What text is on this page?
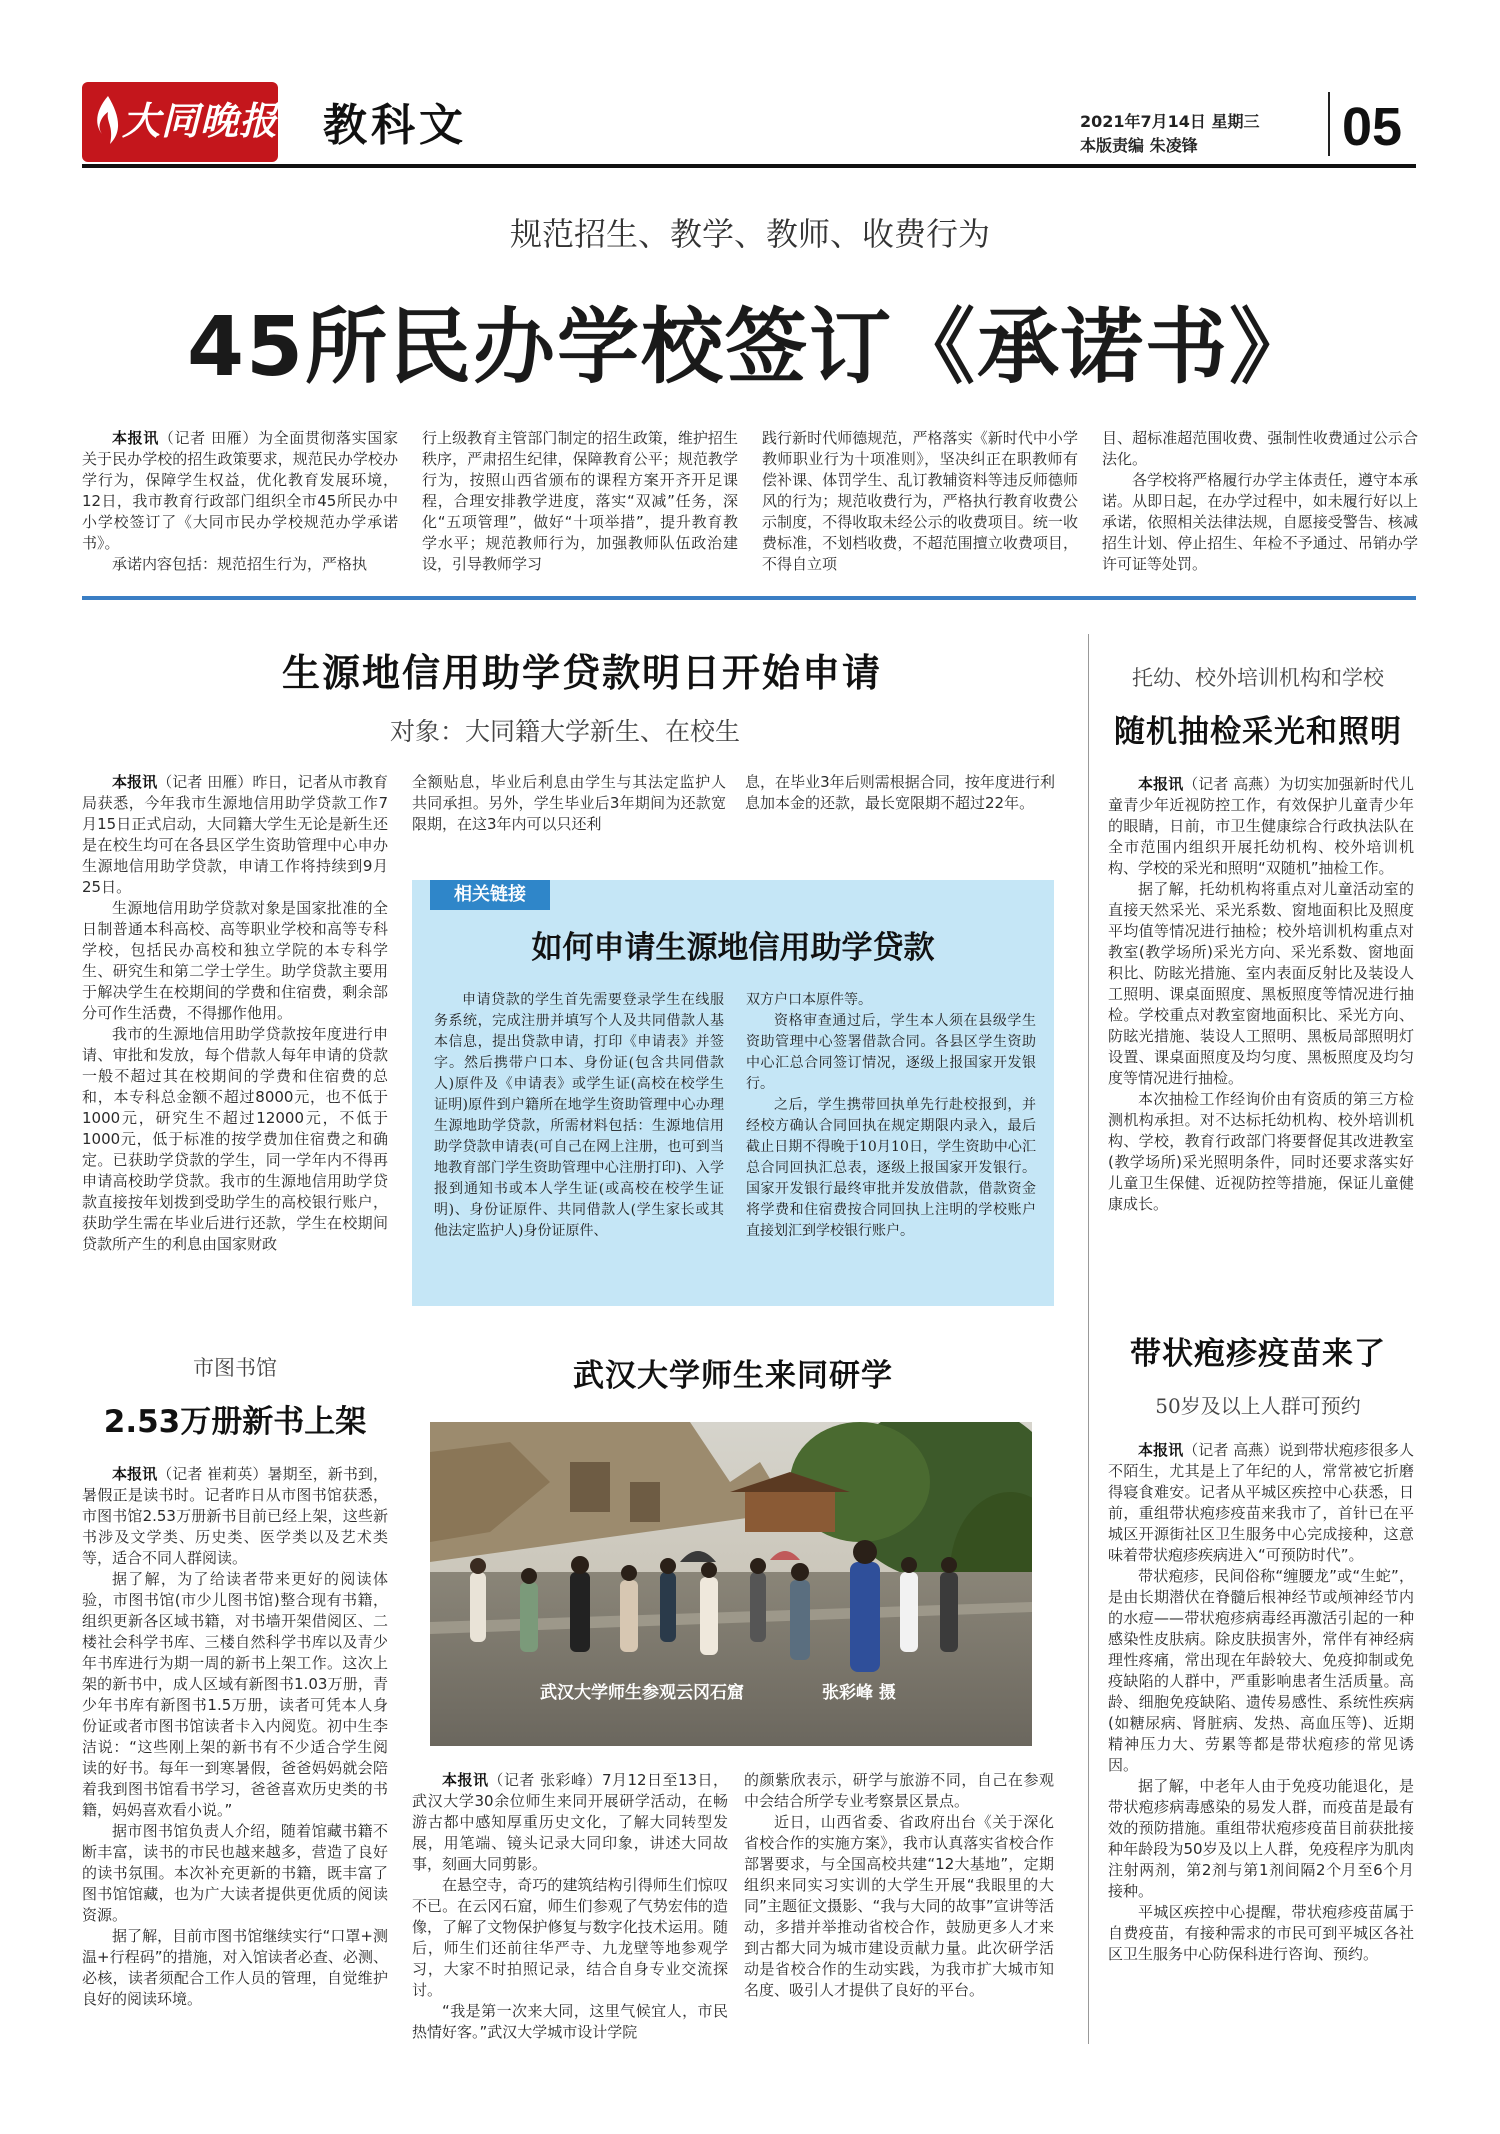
大同晚报 教科文	2021年7月14日 星期三
本版责编 朱凌锋	05
规范招生、教学、教师、收费行为
45所民办学校签订《承诺书》

本报讯（记者 田雁）为全面贯彻落实国家关于民办学校的招生政策要求，规范民办学校办学行为，保障学生权益，优化教育发展环境，12日，我市教育行政部门组织全市45所民办中小学校签订了《大同市民办学校规范办学承诺书》。

承诺内容包括：规范招生行为，严格执

行上级教育主管部门制定的招生政策，维护招生秩序，严肃招生纪律，保障教育公平；规范教学行为，按照山西省颁布的课程方案开齐开足课程，合理安排教学进度，落实“双减”任务，深化“五项管理”，做好“十项举措”，提升教育教学水平；规范教师行为，加强教师队伍政治建设，引导教师学习

践行新时代师德规范，严格落实《新时代中小学教师职业行为十项准则》，坚决纠正在职教师有偿补课、体罚学生、乱订教辅资料等违反师德师风的行为；规范收费行为，严格执行教育收费公示制度，不得收取未经公示的收费项目。统一收费标准，不划档收费，不超范围擅立收费项目，不得自立项

目、超标准超范围收费、强制性收费通过公示合法化。

各学校将严格履行办学主体责任，遵守本承诺。从即日起，在办学过程中，如未履行好以上承诺，依照相关法律法规，自愿接受警告、核减招生计划、停止招生、年检不予通过、吊销办学许可证等处罚。

生源地信用助学贷款明日开始申请
对象：大同籍大学新生、在校生

本报讯（记者 田雁）昨日，记者从市教育局获悉，今年我市生源地信用助学贷款工作7月15日正式启动，大同籍大学生无论是新生还是在校生均可在各县区学生资助管理中心申办生源地信用助学贷款，申请工作将持续到9月25日。

生源地信用助学贷款对象是国家批准的全日制普通本科高校、高等职业学校和高等专科学校，包括民办高校和独立学院的本专科学生、研究生和第二学士学生。助学贷款主要用于解决学生在校期间的学费和住宿费，剩余部分可作生活费，不得挪作他用。

我市的生源地信用助学贷款按年度进行申请、审批和发放，每个借款人每年申请的贷款一般不超过其在校期间的学费和住宿费的总和，本专科总金额不超过8000元，也不低于1000元，研究生不超过12000元，不低于1000元，低于标准的按学费加住宿费之和确定。已获助学贷款的学生，同一学年内不得再申请高校助学贷款。我市的生源地信用助学贷款直接按年划拨到受助学生的高校银行账户，获助学生需在毕业后进行还款，学生在校期间贷款所产生的利息由国家财政

全额贴息，毕业后利息由学生与其法定监护人共同承担。另外，学生毕业后3年期间为还款宽限期，在这3年内可以只还利

息，在毕业3年后则需根据合同，按年度进行利息加本金的还款，最长宽限期不超过22年。

相关链接
如何申请生源地信用助学贷款

申请贷款的学生首先需要登录学生在线服务系统，完成注册并填写个人及共同借款人基本信息，提出贷款申请，打印《申请表》并签字。然后携带户口本、身份证(包含共同借款人)原件及《申请表》或学生证(高校在校学生证明)原件到户籍所在地学生资助管理中心办理生源地助学贷款，所需材料包括：生源地信用助学贷款申请表(可自己在网上注册，也可到当地教育部门学生资助管理中心注册打印)、入学报到通知书或本人学生证(或高校在校学生证明)、身份证原件、共同借款人(学生家长或其他法定监护人)身份证原件、

双方户口本原件等。

资格审查通过后，学生本人须在县级学生资助管理中心签署借款合同。各县区学生资助中心汇总合同签订情况，逐级上报国家开发银行。

之后，学生携带回执单先行赴校报到，并经校方确认合同回执在规定期限内录入，最后截止日期不得晚于10月10日，学生资助中心汇总合同回执汇总表，逐级上报国家开发银行。国家开发银行最终审批并发放借款，借款资金将学费和住宿费按合同回执上注明的学校账户直接划汇到学校银行账户。

托幼、校外培训机构和学校
随机抽检采光和照明

本报讯（记者 高燕）为切实加强新时代儿童青少年近视防控工作，有效保护儿童青少年的眼睛，日前，市卫生健康综合行政执法队在全市范围内组织开展托幼机构、校外培训机构、学校的采光和照明“双随机”抽检工作。

据了解，托幼机构将重点对儿童活动室的直接天然采光、采光系数、窗地面积比及照度平均值等情况进行抽检；校外培训机构重点对教室(教学场所)采光方向、采光系数、窗地面积比、防眩光措施、室内表面反射比及装设人工照明、课桌面照度、黑板照度等情况进行抽检。学校重点对教室窗地面积比、采光方向、防眩光措施、装设人工照明、黑板局部照明灯设置、课桌面照度及均匀度、黑板照度及均匀度等情况进行抽检。

本次抽检工作经询价由有资质的第三方检测机构承担。对不达标托幼机构、校外培训机构、学校，教育行政部门将要督促其改进教室(教学场所)采光照明条件，同时还要求落实好儿童卫生保健、近视防控等措施，保证儿童健康成长。

带状疱疹疫苗来了
50岁及以上人群可预约

本报讯（记者 高燕）说到带状疱疹很多人不陌生，尤其是上了年纪的人，常常被它折磨得寝食难安。记者从平城区疾控中心获悉，日前，重组带状疱疹疫苗来我市了，首针已在平城区开源街社区卫生服务中心完成接种，这意味着带状疱疹疾病进入“可预防时代”。

带状疱疹，民间俗称“缠腰龙”或“生蛇”，是由长期潜伏在脊髓后根神经节或颅神经节内的水痘——带状疱疹病毒经再激活引起的一种感染性皮肤病。除皮肤损害外，常伴有神经病理性疼痛，常出现在年龄较大、免疫抑制或免疫缺陷的人群中，严重影响患者生活质量。高龄、细胞免疫缺陷、遗传易感性、系统性疾病(如糖尿病、肾脏病、发热、高血压等)、近期精神压力大、劳累等都是带状疱疹的常见诱因。

据了解，中老年人由于免疫功能退化，是带状疱疹病毒感染的易发人群，而疫苗是最有效的预防措施。重组带状疱疹疫苗目前获批接种年龄段为50岁及以上人群，免疫程序为肌肉注射两剂，第2剂与第1剂间隔2个月至6个月接种。

平城区疾控中心提醒，带状疱疹疫苗属于自费疫苗，有接种需求的市民可到平城区各社区卫生服务中心防保科进行咨询、预约。

市图书馆
2.53万册新书上架

本报讯（记者 崔莉英）暑期至，新书到，暑假正是读书时。记者昨日从市图书馆获悉，市图书馆2.53万册新书目前已经上架，这些新书涉及文学类、历史类、医学类以及艺术类等，适合不同人群阅读。

据了解，为了给读者带来更好的阅读体验，市图书馆(市少儿图书馆)整合现有书籍，组织更新各区域书籍，对书墙开架借阅区、二楼社会科学书库、三楼自然科学书库以及青少年书库进行为期一周的新书上架工作。这次上架的新书中，成人区域有新图书1.03万册，青少年书库有新图书1.5万册，读者可凭本人身份证或者市图书馆读者卡入内阅览。初中生李洁说：“这些刚上架的新书有不少适合学生阅读的好书。每年一到寒暑假，爸爸妈妈就会陪着我到图书馆看书学习，爸爸喜欢历史类的书籍，妈妈喜欢看小说。”

据市图书馆负责人介绍，随着馆藏书籍不断丰富，读书的市民也越来越多，营造了良好的读书氛围。本次补充更新的书籍，既丰富了图书馆馆藏，也为广大读者提供更优质的阅读资源。

据了解，目前市图书馆继续实行“口罩+测温+行程码”的措施，对入馆读者必查、必测、必核，读者须配合工作人员的管理，自觉维护良好的阅读环境。

武汉大学师生来同研学
武汉大学师生参观云冈石窟	张彩峰 摄

本报讯（记者 张彩峰）7月12日至13日，武汉大学30余位师生来同开展研学活动，在畅游古都中感知厚重历史文化，了解大同转型发展，用笔端、镜头记录大同印象，讲述大同故事，刻画大同剪影。

在悬空寺，奇巧的建筑结构引得师生们惊叹不已。在云冈石窟，师生们参观了气势宏伟的造像，了解了文物保护修复与数字化技术运用。随后，师生们还前往华严寺、九龙壁等地参观学习，大家不时拍照记录，结合自身专业交流探讨。

“我是第一次来大同，这里气候宜人，市民热情好客。”武汉大学城市设计学院

的颜紫欣表示，研学与旅游不同，自己在参观中会结合所学专业考察景区景点。

近日，山西省委、省政府出台《关于深化省校合作的实施方案》，我市认真落实省校合作部署要求，与全国高校共建“12大基地”，定期组织来同实习实训的大学生开展“我眼里的大同”主题征文摄影、“我与大同的故事”宣讲等活动，多措并举推动省校合作，鼓励更多人才来到古都大同为城市建设贡献力量。此次研学活动是省校合作的生动实践，为我市扩大城市知名度、吸引人才提供了良好的平台。
